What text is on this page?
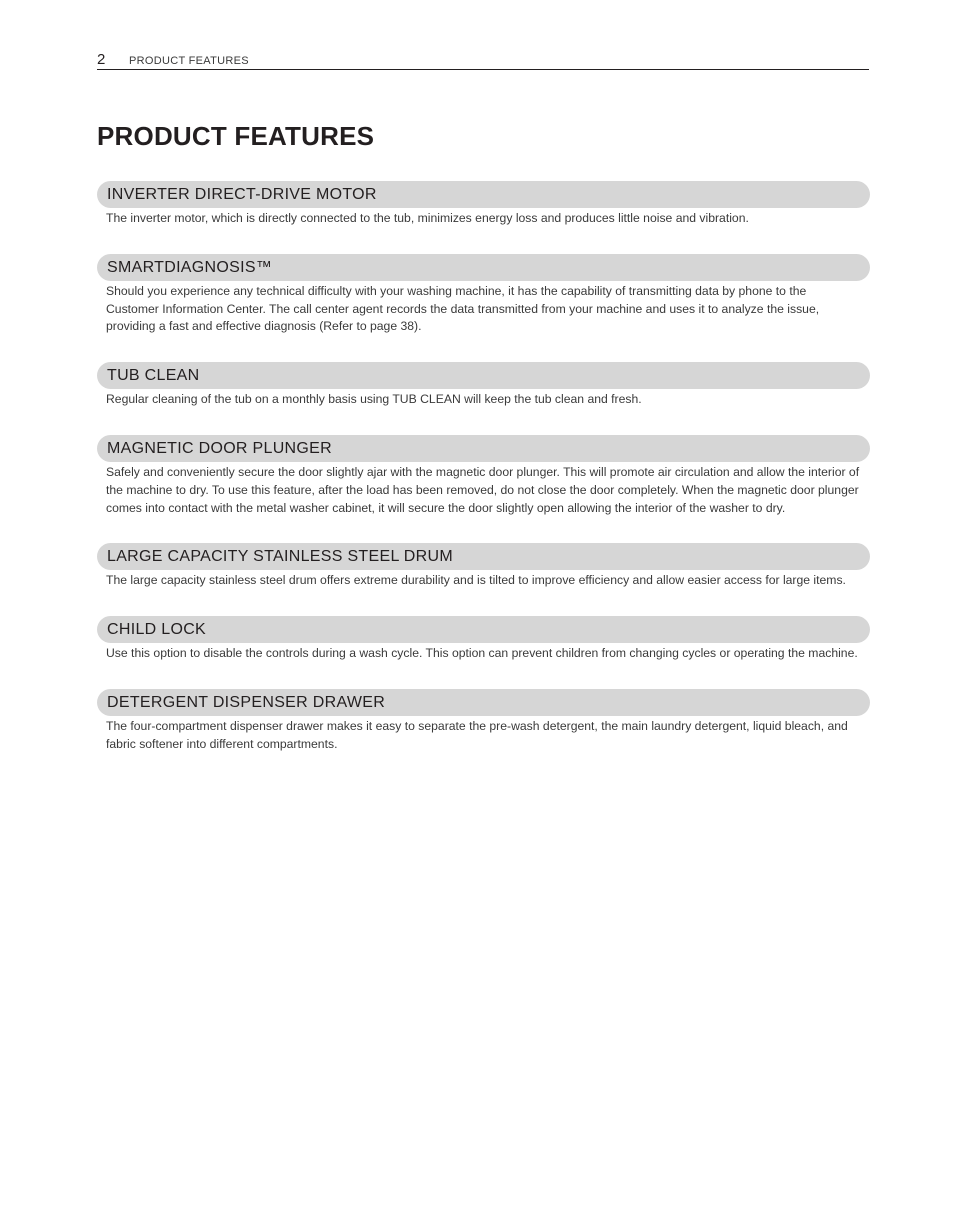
2 PRODUCT FEATURES
PRODUCT FEATURES
INVERTER DIRECT-DRIVE MOTOR

The inverter motor, which is directly connected to the tub, minimizes energy loss and produces little noise and vibration.

SMARTDIAGNOSIS™

Should you experience any technical difficulty with your washing machine, it has the capability of transmitting data by phone to the Customer Information Center. The call center agent records the data transmitted from your machine and uses it to analyze the issue, providing a fast and effective diagnosis (Refer to page 38).

TUB CLEAN

Regular cleaning of the tub on a monthly basis using TUB CLEAN will keep the tub clean and fresh.

MAGNETIC DOOR PLUNGER

Safely and conveniently secure the door slightly ajar with the magnetic door plunger. This will promote air circulation and allow the interior of the machine to dry. To use this feature, after the load has been removed, do not close the door completely. When the magnetic door plunger comes into contact with the metal washer cabinet, it will secure the door slightly open allowing the interior of the washer to dry.

LARGE CAPACITY STAINLESS STEEL DRUM

The large capacity stainless steel drum offers extreme durability and is tilted to improve efficiency and allow easier access for large items.

CHILD LOCK

Use this option to disable the controls during a wash cycle. This option can prevent children from changing cycles or operating the machine.

DETERGENT DISPENSER DRAWER

The four-compartment dispenser drawer makes it easy to separate the pre-wash detergent, the main laundry detergent, liquid bleach, and fabric softener into different compartments.
